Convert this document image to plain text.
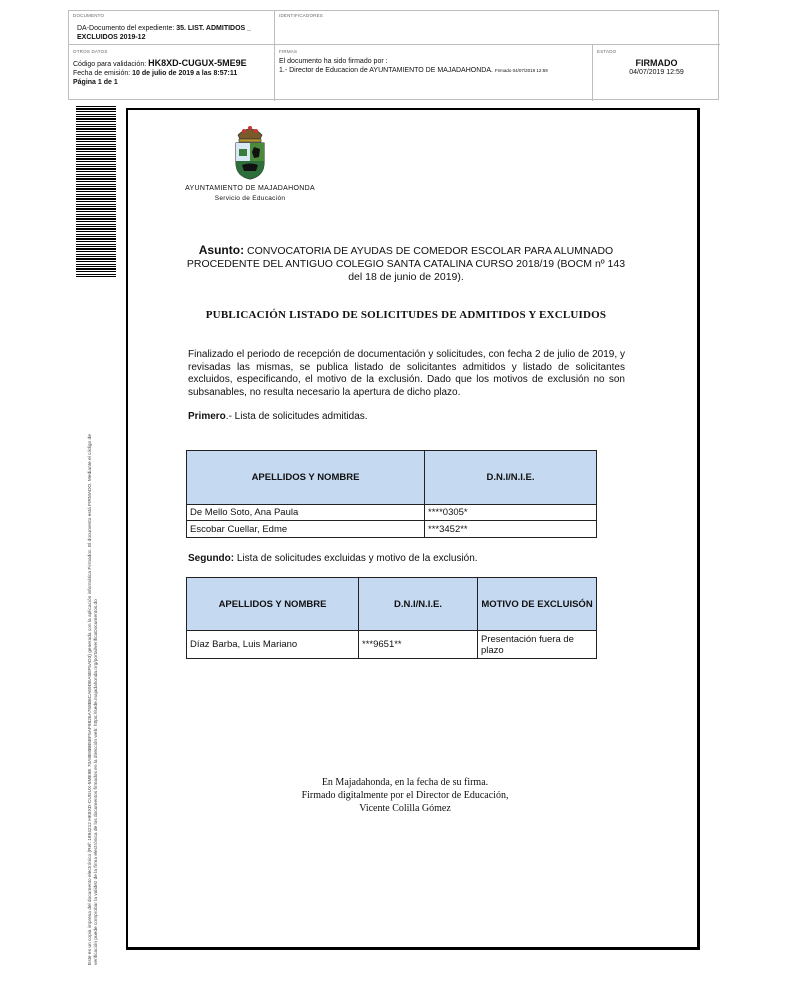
DOCUMENTO
DA-Documento del expediente: 35. LIST. ADMITIDOS _ EXCLUIDOS 2019-12
IDENTIFICADORES
OTROS DATOS
Código para validación: HK8XD-CUGUX-5ME9E
Fecha de emisión: 10 de julio de 2019 a las 8:57:11
Página 1 de 1
FIRMAS
El documento ha sido firmado por :
1.- Director de Educacion de AYUNTAMIENTO DE MAJADAHONDA. Firmado 04/07/2019 12:59
ESTADO
FIRMADO
04/07/2019 12:59
Este es un copia impresa del documento electrónico (Ref: 1894212 HK8XD-CUGUX-5ME9E 70A8E8BB5EF5AF9826A758B6CA69DEA5EF5AD3) generada con la aplicación informática Firmadoc. El documento está FIRMADO. Mediante el código de verificación puede comprobar la validez de la firma electrónica de los documentos firmados en la dirección web: https://sede.majadahonda.org/portal/verificaDocumentos.do
AYUNTAMIENTO DE MAJADAHONDA
Servicio de Educación
Asunto: CONVOCATORIA DE AYUDAS DE COMEDOR ESCOLAR PARA ALUMNADO PROCEDENTE DEL ANTIGUO COLEGIO SANTA CATALINA CURSO 2018/19 (BOCM nº 143 del 18 de junio de 2019).
PUBLICACIÓN LISTADO DE SOLICITUDES DE ADMITIDOS Y EXCLUIDOS
Finalizado el periodo de recepción de documentación y solicitudes, con fecha 2 de julio de 2019, y revisadas las mismas, se publica listado de solicitantes admitidos y listado de solicitantes excluidos, especificando, el motivo de la exclusión. Dado que los motivos de exclusión no son subsanables, no resulta necesario la apertura de dicho plazo.
Primero.- Lista de solicitudes admitidas.
APELLIDOS Y NOMBRE	D.N.I/N.I.E.
De Mello Soto, Ana Paula	****0305*
Escobar Cuellar, Edme	***3452**
Segundo: Lista de solicitudes excluidas y motivo de la exclusión.
APELLIDOS Y NOMBRE	D.N.I/N.I.E.	MOTIVO DE EXCLUISÓN
Díaz Barba, Luis Mariano	***9651**	Presentación fuera de plazo
En Majadahonda, en la fecha de su firma.
Firmado digitalmente por el Director de Educación,
Vicente Colilla Gómez
